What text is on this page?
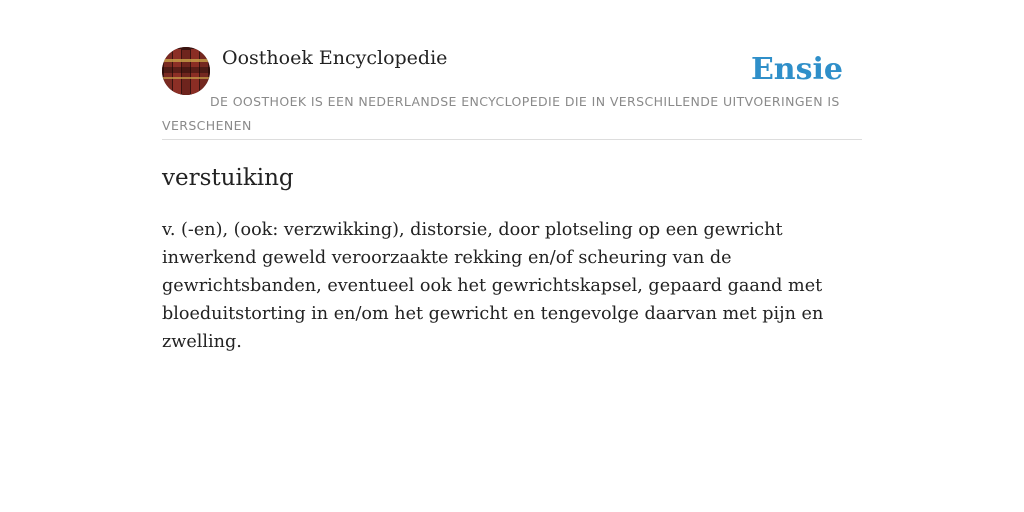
Oosthoek Encyclopedie	Ensie
DE OOSTHOEK IS EEN NEDERLANDSE ENCYCLOPEDIE DIE IN VERSCHILLENDE UITVOERINGEN IS VERSCHENEN
verstuiking

v. (-en), (ook: verzwikking), distorsie, door plotseling op een gewricht inwerkend geweld veroorzaakte rekking en/of scheuring van de gewrichtsbanden, eventueel ook het gewrichtskapsel, gepaard gaand met bloeduitstorting in en/om het gewricht en tengevolge daarvan met pijn en zwelling.
